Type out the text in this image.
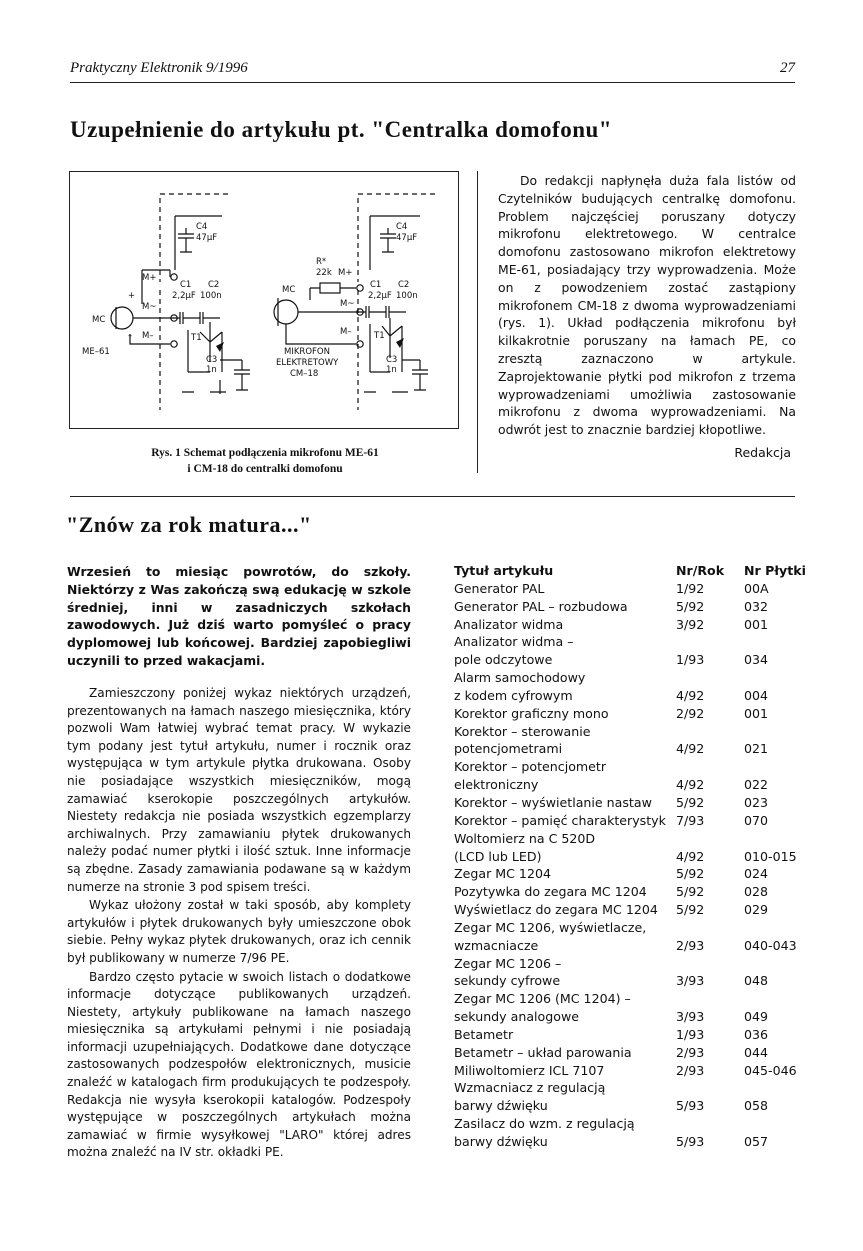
Praktyczny Elektronik 9/1996	27
Uzupełnienie do artykułu pt. "Centralka domofonu"
C4
47µF
M+
C1 C2
2,2µF 100n
+
M~
MC
– M–	T1
C3
1n
ME–61
C4
47µF
R*
22k M+
C1 C2
2,2µF 100n
MC
M~
M–	T1
C3
1n
MIKROFON
ELEKTRETOWY
CM–18
Rys. 1 Schemat podłączenia mikrofonu ME-61
i CM-18 do centralki domofonu
Do redakcji napłynęła duża fala listów od Czytelników budujących centralkę domofonu. Problem najczęściej poruszany dotyczy mikrofonu elektretowego. W centralce domofonu zastosowano mikrofon elektretowy ME-61, posiadający trzy wyprowadzenia. Może on z powodzeniem zostać zastąpiony mikrofonem CM-18 z dwoma wyprowadzeniami (rys. 1). Układ podłączenia mikrofonu był kilkakrotnie poruszany na łamach PE, co zresztą zaznaczono w artykule. Zaprojektowanie płytki pod mikrofon z trzema wyprowadzeniami umożliwia zastosowanie mikrofonu z dwoma wyprowadzeniami. Na odwrót jest to znacznie bardziej kłopotliwe.
Redakcja
"Znów za rok matura..."
Wrzesień to miesiąc powrotów, do szkoły. Niektórzy z Was zakończą swą edukację w szkole średniej, inni w zasadniczych szkołach zawodowych. Już dziś warto pomyśleć o pracy dyplomowej lub końcowej. Bardziej zapobiegliwi uczynili to przed wakacjami.

Zamieszczony poniżej wykaz niektórych urządzeń, prezentowanych na łamach naszego miesięcznika, który pozwoli Wam łatwiej wybrać temat pracy. W wykazie tym podany jest tytuł artykułu, numer i rocznik oraz występująca w tym artykule płytka drukowana. Osoby nie posiadające wszystkich miesięczników, mogą zamawiać kserokopie poszczególnych artykułów. Niestety redakcja nie posiada wszystkich egzemplarzy archiwalnych. Przy zamawianiu płytek drukowanych należy podać numer płytki i ilość sztuk. Inne informacje są zbędne. Zasady zamawiania podawane są w każdym numerze na stronie 3 pod spisem treści.

Wykaz ułożony został w taki sposób, aby komplety artykułów i płytek drukowanych były umieszczone obok siebie. Pełny wykaz płytek drukowanych, oraz ich cennik był publikowany w numerze 7/96 PE.

Bardzo często pytacie w swoich listach o dodatkowe informacje dotyczące publikowanych urządzeń. Niestety, artykuły publikowane na łamach naszego miesięcznika są artykułami pełnymi i nie posiadają informacji uzupełniających. Dodatkowe dane dotyczące zastosowanych podzespołów elektronicznych, musicie znaleźć w katalogach firm produkujących te podzespoły. Redakcja nie wysyła kserokopii katalogów. Podzespoły występujące w poszczególnych artykułach można zamawiać w firmie wysyłkowej "LARO" której adres można znaleźć na IV str. okładki PE.

Tytuł artykułu	Nr/Rok Nr Płytki
Generator PAL	1/92	00A
Generator PAL – rozbudowa	5/92	032
Analizator widma	3/92	001
Analizator widma –
pole odczytowe	1/93	034
Alarm samochodowy
z kodem cyfrowym	4/92	004
Korektor graficzny mono	2/92	001
Korektor – sterowanie
potencjometrami	4/92	021
Korektor – potencjometr
elektroniczny	4/92	022
Korektor – wyświetlanie nastaw 5/92	023
Korektor – pamięć charakterystyk 7/93	070
Woltomierz na C 520D
(LCD lub LED)	4/92	010-015
Zegar MC 1204	5/92	024
Pozytywka do zegara MC 1204 5/92	028
Wyświetlacz do zegara MC 1204 5/92	029
Zegar MC 1206, wyświetlacze,
wzmacniacze	2/93	040-043
Zegar MC 1206 –
sekundy cyfrowe	3/93	048
Zegar MC 1206 (MC 1204) –
sekundy analogowe	3/93	049
Betametr	1/93	036
Betametr – układ parowania	2/93	044
Miliwoltomierz ICL 7107	2/93	045-046
Wzmacniacz z regulacją
barwy dźwięku	5/93	058
Zasilacz do wzm. z regulacją
barwy dźwięku	5/93	057
